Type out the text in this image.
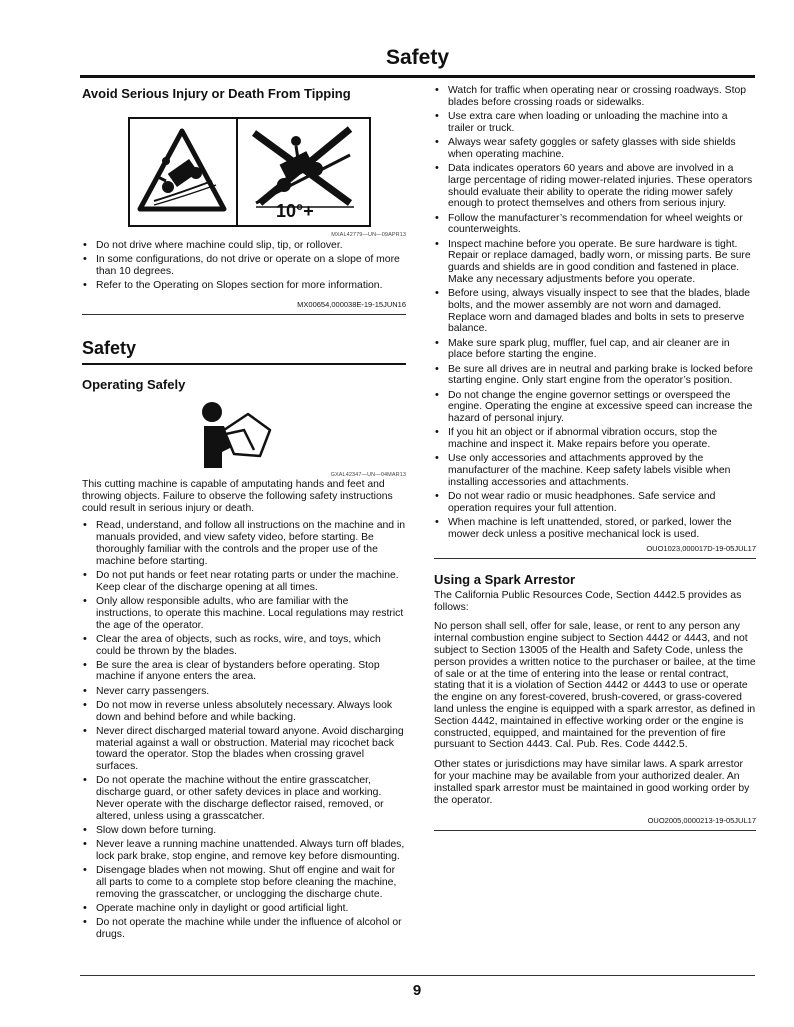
Safety
Avoid Serious Injury or Death From Tipping
10°+
MXAL42779—UN—09APR13
• Do not drive where machine could slip, tip, or rollover.
• In some configurations, do not drive or operate on a slope of more than 10 degrees.
• Refer to the Operating on Slopes section for more information.
MX00654,000038E-19-15JUN16
Safety
Operating Safely
GXAL42347—UN—04MAR13

This cutting machine is capable of amputating hands and feet and throwing objects. Failure to observe the following safety instructions could result in serious injury or death.

• Read, understand, and follow all instructions on the machine and in manuals provided, and view safety video, before starting. Be thoroughly familiar with the controls and the proper use of the machine before starting.
• Do not put hands or feet near rotating parts or under the machine. Keep clear of the discharge opening at all times.
• Only allow responsible adults, who are familiar with the instructions, to operate this machine. Local regulations may restrict the age of the operator.
• Clear the area of objects, such as rocks, wire, and toys, which could be thrown by the blades.
• Be sure the area is clear of bystanders before operating. Stop machine if anyone enters the area.
• Never carry passengers.
• Do not mow in reverse unless absolutely necessary. Always look down and behind before and while backing.
• Never direct discharged material toward anyone. Avoid discharging material against a wall or obstruction. Material may ricochet back toward the operator. Stop the blades when crossing gravel surfaces.
• Do not operate the machine without the entire grasscatcher, discharge guard, or other safety devices in place and working. Never operate with the discharge deflector raised, removed, or altered, unless using a grasscatcher.
• Slow down before turning.
• Never leave a running machine unattended. Always turn off blades, lock park brake, stop engine, and remove key before dismounting.
• Disengage blades when not mowing. Shut off engine and wait for all parts to come to a complete stop before cleaning the machine, removing the grasscatcher, or unclogging the discharge chute.
• Operate machine only in daylight or good artificial light.
• Do not operate the machine while under the influence of alcohol or drugs.
• Watch for traffic when operating near or crossing roadways. Stop blades before crossing roads or sidewalks.
• Use extra care when loading or unloading the machine into a trailer or truck.
• Always wear safety goggles or safety glasses with side shields when operating machine.
• Data indicates operators 60 years and above are involved in a large percentage of riding mower-related injuries. These operators should evaluate their ability to operate the riding mower safely enough to protect themselves and others from serious injury.
• Follow the manufacturer’s recommendation for wheel weights or counterweights.
• Inspect machine before you operate. Be sure hardware is tight. Repair or replace damaged, badly worn, or missing parts. Be sure guards and shields are in good condition and fastened in place. Make any necessary adjustments before you operate.
• Before using, always visually inspect to see that the blades, blade bolts, and the mower assembly are not worn and damaged. Replace worn and damaged blades and bolts in sets to preserve balance.
• Make sure spark plug, muffler, fuel cap, and air cleaner are in place before starting the engine.
• Be sure all drives are in neutral and parking brake is locked before starting engine. Only start engine from the operator’s position.
• Do not change the engine governor settings or overspeed the engine. Operating the engine at excessive speed can increase the hazard of personal injury.
• If you hit an object or if abnormal vibration occurs, stop the machine and inspect it. Make repairs before you operate.
• Use only accessories and attachments approved by the manufacturer of the machine. Keep safety labels visible when installing accessories and attachments.
• Do not wear radio or music headphones. Safe service and operation requires your full attention.
• When machine is left unattended, stored, or parked, lower the mower deck unless a positive mechanical lock is used.
OUO1023,000017D-19-05JUL17
Using a Spark Arrestor

The California Public Resources Code, Section 4442.5 provides as follows:

No person shall sell, offer for sale, lease, or rent to any person any internal combustion engine subject to Section 4442 or 4443, and not subject to Section 13005 of the Health and Safety Code, unless the person provides a written notice to the purchaser or bailee, at the time of sale or at the time of entering into the lease or rental contract, stating that it is a violation of Section 4442 or 4443 to use or operate the engine on any forest-covered, brush-covered, or grass-covered land unless the engine is equipped with a spark arrestor, as defined in Section 4442, maintained in effective working order or the engine is constructed, equipped, and maintained for the prevention of fire pursuant to Section 4443. Cal. Pub. Res. Code 4442.5.

Other states or jurisdictions may have similar laws. A spark arrestor for your machine may be available from your authorized dealer. An installed spark arrestor must be maintained in good working order by the operator.

OUO2005,0000213-19-05JUL17
9
